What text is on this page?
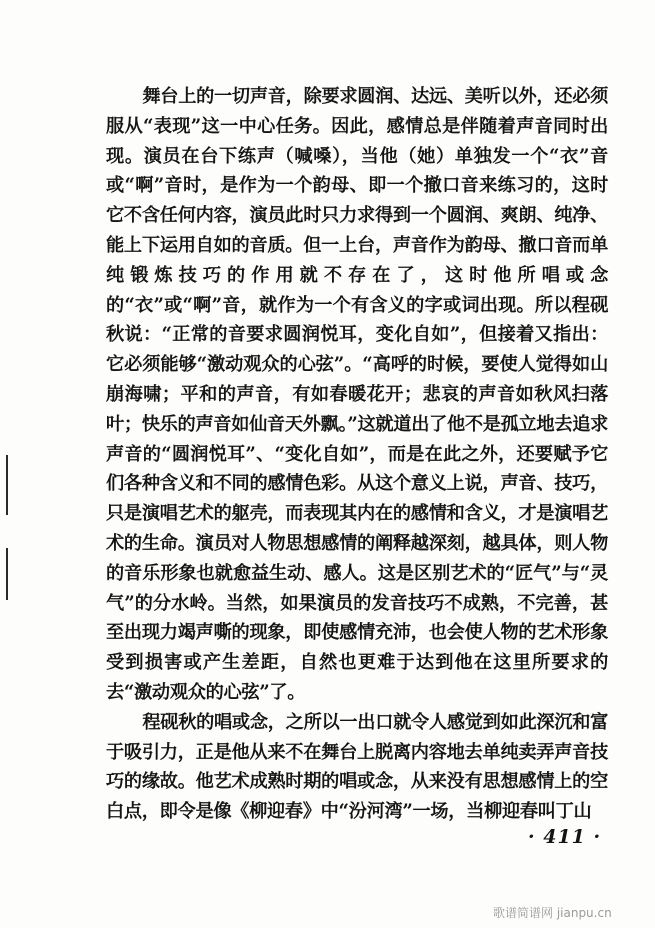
舞台上的一切声音，除要求圆润、达远、美听以外，还必须服从“表现”这一中心任务。因此，感情总是伴随着声音同时出现。演员在台下练声（喊嗓），当他（她）单独发一个“衣”音或“啊”音时，是作为一个韵母、即一个撤口音来练习的，这时它不含任何内容，演员此时只力求得到一个圆润、爽朗、纯净、能上下运用自如的音质。但一上台，声音作为韵母、撤口音而单纯锻炼技巧的作用就不存在了，这时他所唱或念的“衣”或“啊”音，就作为一个有含义的字或词出现。所以程砚秋说：“正常的音要求圆润悦耳，变化自如”，但接着又指出：它必须能够“激动观众的心弦”。“高呼的时候，要使人觉得如山崩海啸；平和的声音，有如春暖花开；悲哀的声音如秋风扫落叶；快乐的声音如仙音天外飘。”这就道出了他不是孤立地去追求声音的“圆润悦耳”、“变化自如”，而是在此之外，还要赋予它们各种含义和不同的感情色彩。从这个意义上说，声音、技巧，只是演唱艺术的躯壳，而表现其内在的感情和含义，才是演唱艺术的生命。演员对人物思想感情的阐释越深刻，越具体，则人物的音乐形象也就愈益生动、感人。这是区别艺术的“匠气”与“灵气”的分水岭。当然，如果演员的发音技巧不成熟，不完善，甚至出现力竭声嘶的现象，即使感情充沛，也会使人物的艺术形象受到损害或产生差距，自然也更难于达到他在这里所要求的去“激动观众的心弦”了。

程砚秋的唱或念，之所以一出口就令人感觉到如此深沉和富于吸引力，正是他从来不在舞台上脱离内容地去单纯卖弄声音技巧的缘故。他艺术成熟时期的唱或念，从来没有思想感情上的空白点，即令是像《柳迎春》中“汾河湾”一场，当柳迎春叫丁山

· 411 ·
歌谱简谱网 jianpu.cn
